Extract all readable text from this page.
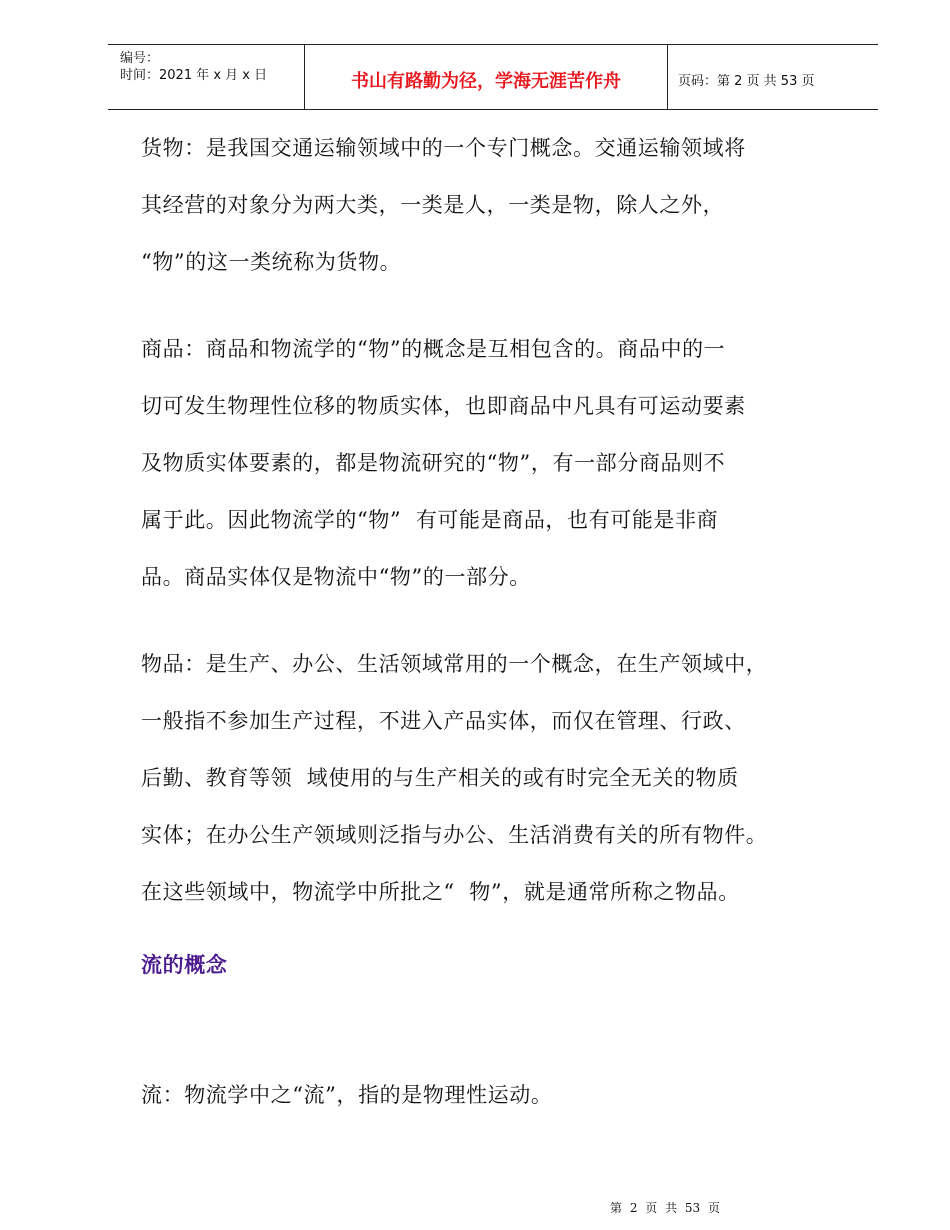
编号：
时间：2021 年 x 月 x 日	书山有路勤为径，学海无涯苦作舟	页码：第 2 页 共 53 页
货物：是我国交通运输领域中的一个专门概念。交通运输领域将
其经营的对象分为两大类，一类是人，一类是物，除人之外，
“物”的这一类统称为货物。
商品：商品和物流学的“物”的概念是互相包含的。商品中的一
切可发生物理性位移的物质实体，也即商品中凡具有可运动要素
及物质实体要素的，都是物流研究的“物”，有一部分商品则不
属于此。因此物流学的“物”  有可能是商品，也有可能是非商
品。商品实体仅是物流中“物”的一部分。
物品：是生产、办公、生活领域常用的一个概念，在生产领域中，
一般指不参加生产过程，不进入产品实体，而仅在管理、行政、
后勤、教育等领  域使用的与生产相关的或有时完全无关的物质
实体；在办公生产领域则泛指与办公、生活消费有关的所有物件。
在这些领域中，物流学中所批之“  物”，就是通常所称之物品。
流的概念
流：物流学中之“流”，指的是物理性运动。
第 2 页 共 53 页
